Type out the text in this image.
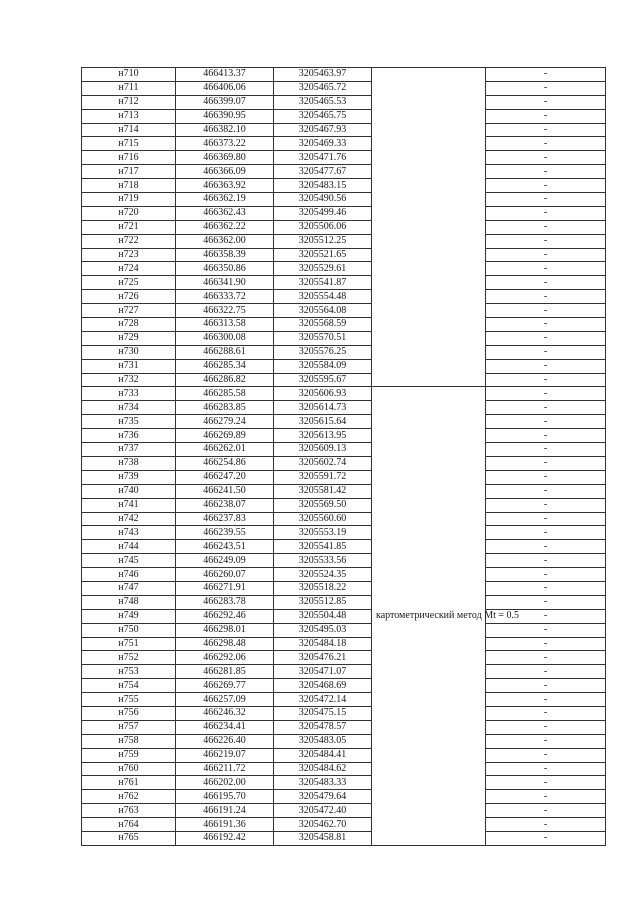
н710	466413.37	3205463.97		-
н711	466406.06	3205465.72		-
н712	466399.07	3205465.53		-
н713	466390.95	3205465.75		-
н714	466382.10	3205467.93		-
н715	466373.22	3205469.33		-
н716	466369.80	3205471.76		-
н717	466366.09	3205477.67		-
н718	466363.92	3205483.15		-
н719	466362.19	3205490.56		-
н720	466362.43	3205499.46		-
н721	466362.22	3205506.06		-
н722	466362.00	3205512.25		-
н723	466358.39	3205521.65		-
н724	466350.86	3205529.61		-
н725	466341.90	3205541.87		-
н726	466333.72	3205554.48		-
н727	466322.75	3205564.08		-
н728	466313.58	3205568.59		-
н729	466300.08	3205570.51		-
н730	466288.61	3205576.25		-
н731	466285.34	3205584.09		-
н732	466286.82	3205595.67		-
н733	466285.58	3205606.93	картометрический метод Mt = 0.5	-
н734	466283.85	3205614.73		-
н735	466279.24	3205615.64		-
н736	466269.89	3205613.95		-
н737	466262.01	3205609.13		-
н738	466254.86	3205602.74		-
н739	466247.20	3205591.72		-
н740	466241.50	3205581.42		-
н741	466238.07	3205569.50		-
н742	466237.83	3205560.60		-
н743	466239.55	3205553.19		-
н744	466243.51	3205541.85		-
н745	466249.09	3205533.56		-
н746	466260.07	3205524.35		-
н747	466271.91	3205518.22		-
н748	466283.78	3205512.85		-
н749	466292.46	3205504.48		-
н750	466298.01	3205495.03		-
н751	466298.48	3205484.18		-
н752	466292.06	3205476.21		-
н753	466281.85	3205471.07		-
н754	466269.77	3205468.69		-
н755	466257.09	3205472.14		-
н756	466246.32	3205475.15		-
н757	466234.41	3205478.57		-
н758	466226.40	3205483.05		-
н759	466219.07	3205484.41		-
н760	466211.72	3205484.62		-
н761	466202.00	3205483.33		-
н762	466195.70	3205479.64		-
н763	466191.24	3205472.40		-
н764	466191.36	3205462.70		-
н765	466192.42	3205458.81		-
